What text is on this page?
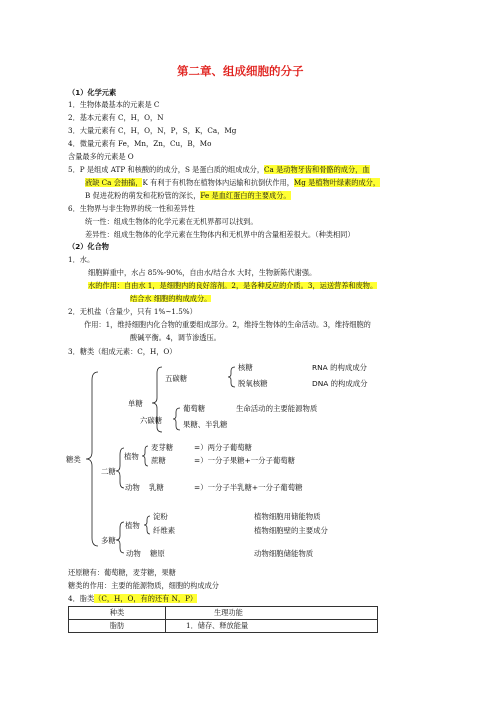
第二章、组成细胞的分子
（1）化学元素
1．生物体最基本的元素是 C
2．基本元素有 C，H，O，N
3．大量元素有 C，H，O，N，P，S，K，Ca，Mg
4．微量元素有 Fe，Mn，Zn，Cu，B，Mo
含量最多的元素是 O
5．P 是组成 ATP 和核酸的的成分，S 是蛋白质的组成成分，Ca 是动物牙齿和骨骼的成分，血
液缺 Ca 会抽搐，K 有利于有机物在植物体内运输和抗倒伏作用，Mg 是植物叶绿素的成分，
B 促进花粉的萌发和花粉管的深长，Fe 是血红蛋白的主要成分。
6．生物界与非生物界的统一性和差异性
统一性：组成生物体的化学元素在无机界都可以找到。
差异性：组成生物体的化学元素在生物体内和无机界中的含量相差很大。（种类相同）
（2）化合物
1．水。
细胞鲜重中，水占 85%-90%，自由水/结合水 大时，生物新陈代谢强。
水的作用：自由水 1，是细胞内的良好溶剂。2，是各种反应的介质。3，运送营养和废物。
结合水 细胞的构成成分。
2．无机盐（含量少，只有 1%~1.5%）
作用：1，维持细胞内化合物的重要组成部分。2，维持生物体的生命活动。3，维持细胞的
酸碱平衡。4，调节渗透压。
3．糖类（组成元素：C，H，O）
糖类
单糖
五碳糖
核糖
脱氧核糖
RNA 的构成成分
DNA 的构成成分
六碳糖
葡萄糖	生命活动的主要能源物质
果糖、半乳糖
二糖
植物
麦芽糖	=）两分子葡萄糖
蔗糖	=）一分子果糖+一分子葡萄糖
动物 乳糖	=）一分子半乳糖+一分子葡萄糖
多糖
植物
淀粉	植物细胞用储能物质
纤维素	植物细胞壁的主要成分
动物 糖原	动物细胞储能物质
还原糖有：葡萄糖，麦芽糖，果糖
糖类的作用：主要的能源物质，细胞的构成成分
4．脂类（C，H，O，有的还有 N，P）
种类	生理功能
脂肪	1．储存、释放能量
